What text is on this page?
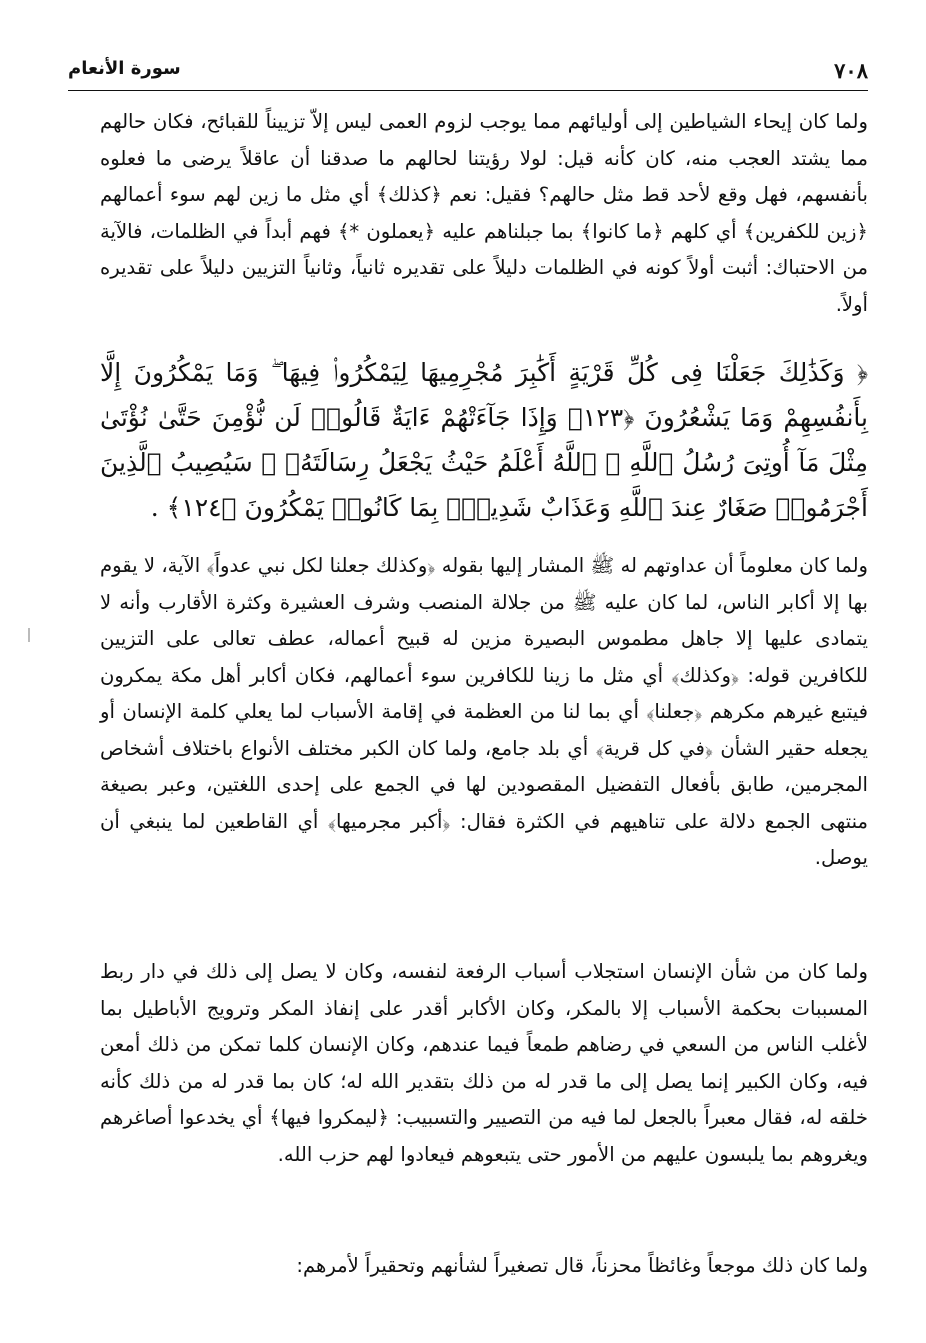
٧٠٨
سورة الأنعام

ولما كان إيحاء الشياطين إلى أوليائهم مما يوجب لزوم العمى ليس إلاّ تزييناً للقبائح، فكان حالهم مما يشتد العجب منه، كان كأنه قيل: لولا رؤيتنا لحالهم ما صدقنا أن عاقلاً يرضى ما فعلوه بأنفسهم، فهل وقع لأحد قط مثل حالهم؟ فقيل: نعم ﴿كذلك﴾ أي مثل ما زين لهم سوء أعمالهم ﴿زين للكفرين﴾ أي كلهم ﴿ما كانوا﴾ بما جبلناهم عليه ﴿يعملون *﴾ فهم أبداً في الظلمات، فالآية من الاحتباك: أثبت أولاً كونه في الظلمات دليلاً على تقديره ثانياً، وثانياً التزيين دليلاً على تقديره أولاً.

﴿ وَكَذَٰلِكَ جَعَلْنَا فِى كُلِّ قَرْيَةٍ أَكَٰبِرَ مُجْرِمِيهَا لِيَمْكُرُوا۟ فِيهَا ۖ وَمَا يَمْكُرُونَ إِلَّا بِأَنفُسِهِمْ وَمَا يَشْعُرُونَ ﴿١٢٣﴾ وَإِذَا جَآءَتْهُمْ ءَايَةٌ قَالُوا۟ لَن نُّؤْمِنَ حَتَّىٰ نُؤْتَىٰ مِثْلَ مَآ أُوتِىَ رُسُلُ ٱللَّهِ ۘ ٱللَّهُ أَعْلَمُ حَيْثُ يَجْعَلُ رِسَالَتَهُۥ ۗ سَيُصِيبُ ٱلَّذِينَ أَجْرَمُوا۟ صَغَارٌ عِندَ ٱللَّهِ وَعَذَابٌ شَدِيدٌۢ بِمَا كَانُوا۟ يَمْكُرُونَ ﴿١٢٤﴾ .

ولما كان معلوماً أن عداوتهم له ﷺ المشار إليها بقوله ﴿وكذلك جعلنا لكل نبي عدواً﴾ الآية، لا يقوم بها إلا أكابر الناس، لما كان عليه ﷺ من جلالة المنصب وشرف العشيرة وكثرة الأقارب وأنه لا يتمادى عليها إلا جاهل مطموس البصيرة مزين له قبيح أعماله، عطف تعالى على التزيين للكافرين قوله: ﴿وكذلك﴾ أي مثل ما زينا للكافرين سوء أعمالهم، فكان أكابر أهل مكة يمكرون فيتبع غيرهم مكرهم ﴿جعلنا﴾ أي بما لنا من العظمة في إقامة الأسباب لما يعلي كلمة الإنسان أو يجعله حقير الشأن ﴿في كل قرية﴾ أي بلد جامع، ولما كان الكبر مختلف الأنواع باختلاف أشخاص المجرمين، طابق بأفعال التفضيل المقصودين لها في الجمع على إحدى اللغتين، وعبر بصيغة منتهى الجمع دلالة على تناهيهم في الكثرة فقال: ﴿أكبر مجرميها﴾ أي القاطعين لما ينبغي أن يوصل.

ولما كان من شأن الإنسان استجلاب أسباب الرفعة لنفسه، وكان لا يصل إلى ذلك في دار ربط المسببات بحكمة الأسباب إلا بالمكر، وكان الأكابر أقدر على إنفاذ المكر وترويج الأباطيل بما لأغلب الناس من السعي في رضاهم طمعاً فيما عندهم، وكان الإنسان كلما تمكن من ذلك أمعن فيه، وكان الكبير إنما يصل إلى ما قدر له من ذلك بتقدير الله له؛ كان بما قدر له من ذلك كأنه خلقه له، فقال معبراً بالجعل لما فيه من التصيير والتسبيب: ﴿ليمكروا فيها﴾ أي يخدعوا أصاغرهم ويغروهم بما يلبسون عليهم من الأمور حتى يتبعوهم فيعادوا لهم حزب الله.

ولما كان ذلك موجعاً وغائظاً محزناً، قال تصغيراً لشأنهم وتحقيراً لأمرهم:
